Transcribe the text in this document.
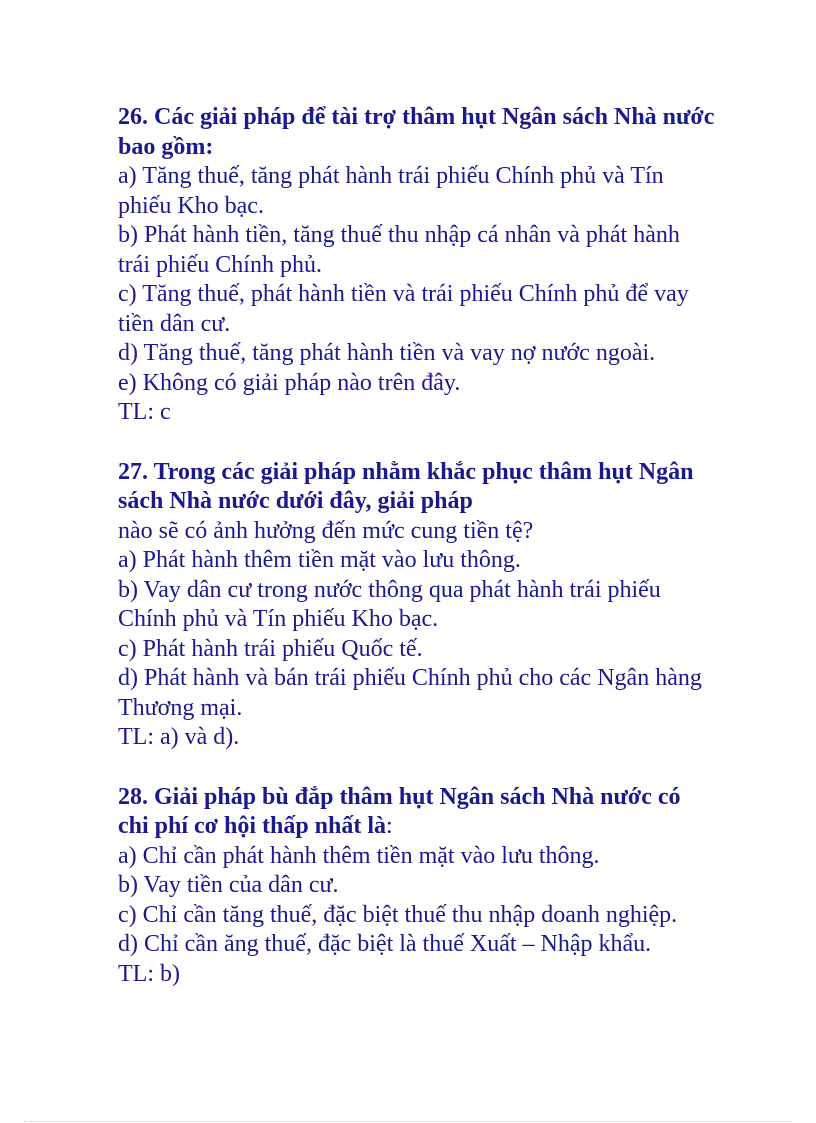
26. Các giải pháp để tài trợ thâm hụt Ngân sách Nhà nước

bao gồm:

a) Tăng thuế, tăng phát hành trái phiếu Chính phủ và Tín

phiếu Kho bạc.

b) Phát hành tiền, tăng thuế thu nhập cá nhân và phát hành

trái phiếu Chính phủ.

c) Tăng thuế, phát hành tiền và trái phiếu Chính phủ để vay

tiền dân cư.

d) Tăng thuế, tăng phát hành tiền và vay nợ nước ngoài.

e) Không có giải pháp nào trên đây.

TL: c

27. Trong các giải pháp nhằm khắc phục thâm hụt Ngân

sách Nhà nước dưới đây, giải pháp

nào sẽ có ảnh hưởng đến mức cung tiền tệ?

a) Phát hành thêm tiền mặt vào lưu thông.

b) Vay dân cư trong nước thông qua phát hành trái phiếu

Chính phủ và Tín phiếu Kho bạc.

c) Phát hành trái phiếu Quốc tế.

d) Phát hành và bán trái phiếu Chính phủ cho các Ngân hàng

Thương mại.

TL: a) và d).

28. Giải pháp bù đắp thâm hụt Ngân sách Nhà nước có

chi phí cơ hội thấp nhất là:

a) Chỉ cần phát hành thêm tiền mặt vào lưu thông.

b) Vay tiền của dân cư.

c) Chỉ cần tăng thuế, đặc biệt thuế thu nhập doanh nghiệp.

d) Chỉ cần ăng thuế, đặc biệt là thuế Xuất – Nhập khẩu.

TL: b)
